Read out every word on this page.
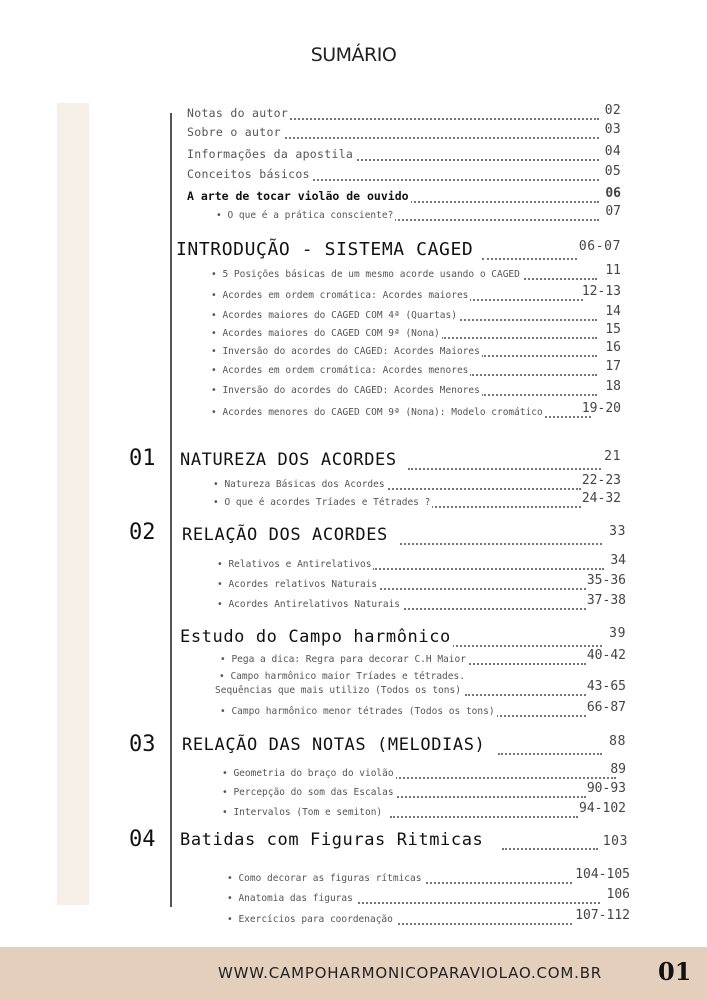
SUMÁRIO
Notas do autor	02
Sobre o autor	03
Informações da apostila	04
Conceitos básicos	05
A arte de tocar violão de ouvido	06
• O que é a prática consciente?	07
INTRODUÇÃO - SISTEMA CAGED	06-07
• 5 Posições básicas de um mesmo acorde usando o CAGED	11
• Acordes em ordem cromática: Acordes maiores	12-13
• Acordes maiores do CAGED COM 4ª (Quartas)	14
• Acordes maiores do CAGED COM 9ª (Nona)	15
• Inversão do acordes do CAGED: Acordes Maiores	16
• Acordes em ordem cromática: Acordes menores	17
• Inversão do acordes do CAGED: Acordes Menores	18
• Acordes menores do CAGED COM 9ª (Nona): Modelo cromático	19-20
01 NATUREZA DOS ACORDES	21
• Natureza Básicas dos Acordes	22-23
• O que é acordes Tríades e Tétrades ?	24-32
02 RELAÇÃO DOS ACORDES	33
• Relativos e Antirelativos	34
• Acordes relativos Naturais	35-36
• Acordes Antirelativos Naturais	37-38
Estudo do Campo harmônico	39
• Pega a dica: Regra para decorar C.H Maior	40-42
• Campo harmônico maior Tríades e tétrades.
Sequências que mais utilizo (Todos os tons)	43-65
• Campo harmônico menor tétrades (Todos os tons)	66-87
03 RELAÇÃO DAS NOTAS (MELODIAS)	88
• Geometria do braço do violão	89
• Percepção do som das Escalas	90-93
• Intervalos (Tom e semiton)	94-102
04 Batidas com Figuras Ritmicas	103
• Como decorar as figuras rítmicas	104-105
• Anatomia das figuras	106
• Exercícios para coordenação	107-112
WWW.CAMPOHARMONICOPARAVIOLAO.COM.BR 01
